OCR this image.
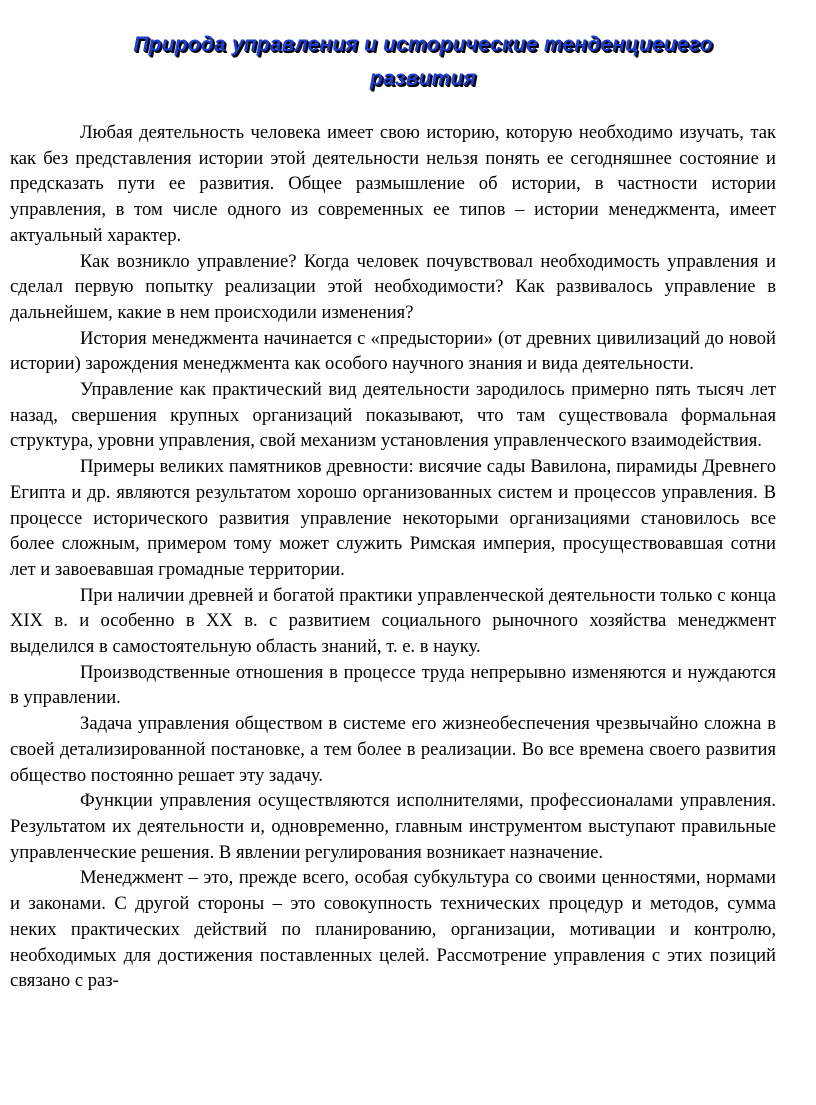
Природа управления и исторические тенденциеиего
развития

Любая деятельность человека имеет свою историю, которую необходимо изучать, так как без представления истории этой деятельности нельзя понять ее сегодняшнее состояние и предсказать пути ее развития. Общее размышление об истории, в частности истории управления, в том числе одного из современных ее типов – истории менеджмента, имеет актуальный характер.

Как возникло управление? Когда человек почувствовал необходимость управления и сделал первую попытку реализации этой необходимости? Как развивалось управление в дальнейшем, какие в нем происходили изменения?

История менеджмента начинается с «предыстории» (от древних цивилизаций до новой истории) зарождения менеджмента как особого научного знания и вида деятельности.

Управление как практический вид деятельности зародилось примерно пять тысяч лет назад, свершения крупных организаций показывают, что там существовала формальная структура, уровни управления, свой механизм установления управленческого взаимодействия.

Примеры великих памятников древности: висячие сады Вавилона, пирамиды Древнего Египта и др. являются результатом хорошо организованных систем и процессов управления. В процессе исторического развития управление некоторыми организациями становилось все более сложным, примером тому может служить Римская империя, просуществовавшая сотни лет и завоевавшая громадные территории.

При наличии древней и богатой практики управленческой деятельности только с конца XIX в. и особенно в XX в. с развитием социального рыночного хозяйства менеджмент выделился в самостоятельную область знаний, т. е. в науку.

Производственные отношения в процессе труда непрерывно изменяются и нуждаются в управлении.

Задача управления обществом в системе его жизнеобеспечения чрезвычайно сложна в своей детализированной постановке, а тем более в реализации. Во все времена своего развития общество постоянно решает эту задачу.

Функции управления осуществляются исполнителями, профессионалами управления. Результатом их деятельности и, одновременно, главным инструментом выступают правильные управленческие решения. В явлении регулирования возникает назначение.

Менеджмент – это, прежде всего, особая субкультура со своими ценностями, нормами и законами. С другой стороны – это совокупность технических процедур и методов, сумма неких практических действий по планированию, организации, мотивации и контролю, необходимых для достижения поставленных целей. Рассмотрение управления с этих позиций связано с раз-
